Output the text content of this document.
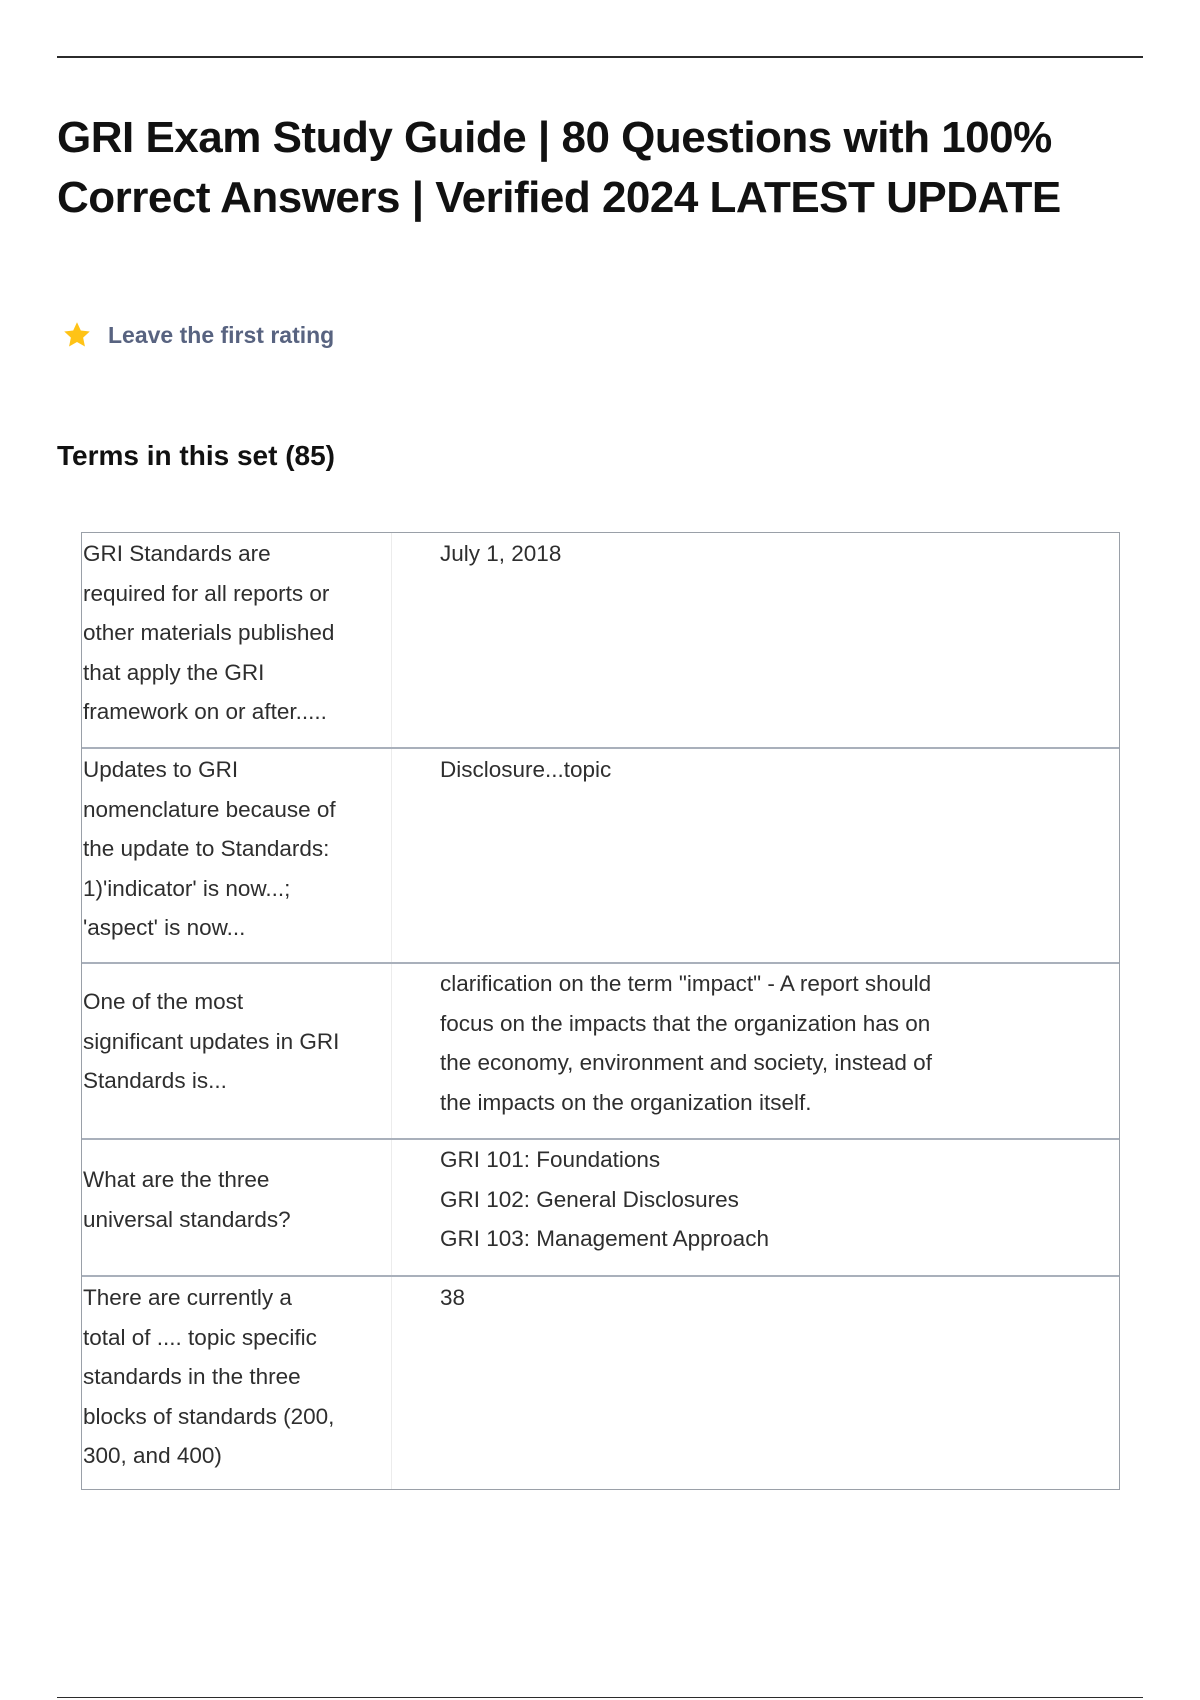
GRI Exam Study Guide | 80 Questions with 100% Correct Answers | Verified 2024 LATEST UPDATE
Leave the first rating
Terms in this set (85)
GRI Standards are
required for all reports or
other materials published
that apply the GRI
framework on or after.....
July 1, 2018
Updates to GRI
nomenclature because of
the update to Standards:
1)'indicator' is now...;
'aspect' is now...
Disclosure...topic
One of the most
significant updates in GRI
Standards is...
clarification on the term "impact" - A report should
focus on the impacts that the organization has on
the economy, environment and society, instead of
the impacts on the organization itself.
What are the three
universal standards?
GRI 101: Foundations
GRI 102: General Disclosures
GRI 103: Management Approach
There are currently a
total of .... topic specific
standards in the three
blocks of standards (200,
300, and 400)
38
